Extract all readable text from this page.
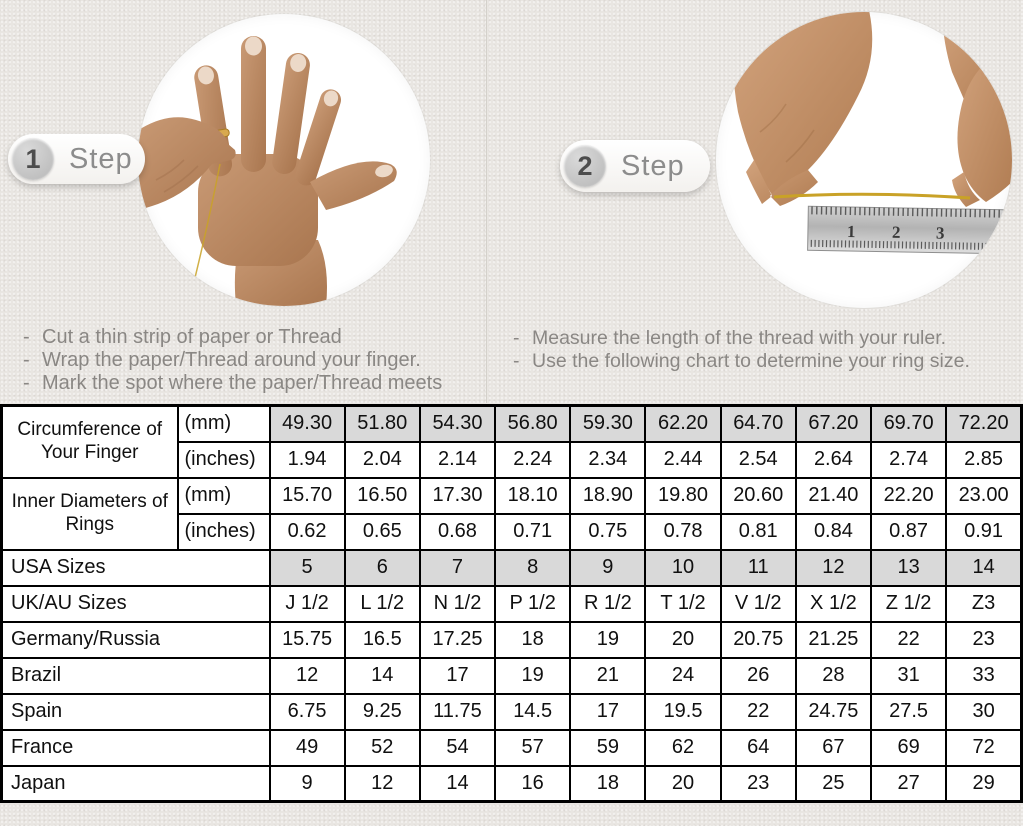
1 Step
- Cut a thin strip of paper or Thread
- Wrap the paper/Thread around your finger.
- Mark the spot where the paper/Thread meets
1 2 3
2 Step
- Measure the length of the thread with your ruler.
- Use the following chart to determine your ring size.
Circumference of Your Finger	(mm)	49.30	51.80	54.30	56.80	59.30	62.20	64.70	67.20	69.70	72.20
	(inches)	1.94	2.04	2.14	2.24	2.34	2.44	2.54	2.64	2.74	2.85
Inner Diameters of Rings	(mm)	15.70	16.50	17.30	18.10	18.90	19.80	20.60	21.40	22.20	23.00
	(inches)	0.62	0.65	0.68	0.71	0.75	0.78	0.81	0.84	0.87	0.91
USA Sizes		5	6	7	8	9	10	11	12	13	14
UK/AU Sizes		J 1/2	L 1/2	N 1/2	P 1/2	R 1/2	T 1/2	V 1/2	X 1/2	Z 1/2	Z3
Germany/Russia		15.75	16.5	17.25	18	19	20	20.75	21.25	22	23
Brazil		12	14	17	19	21	24	26	28	31	33
Spain		6.75	9.25	11.75	14.5	17	19.5	22	24.75	27.5	30
France		49	52	54	57	59	62	64	67	69	72
Japan		9	12	14	16	18	20	23	25	27	29
